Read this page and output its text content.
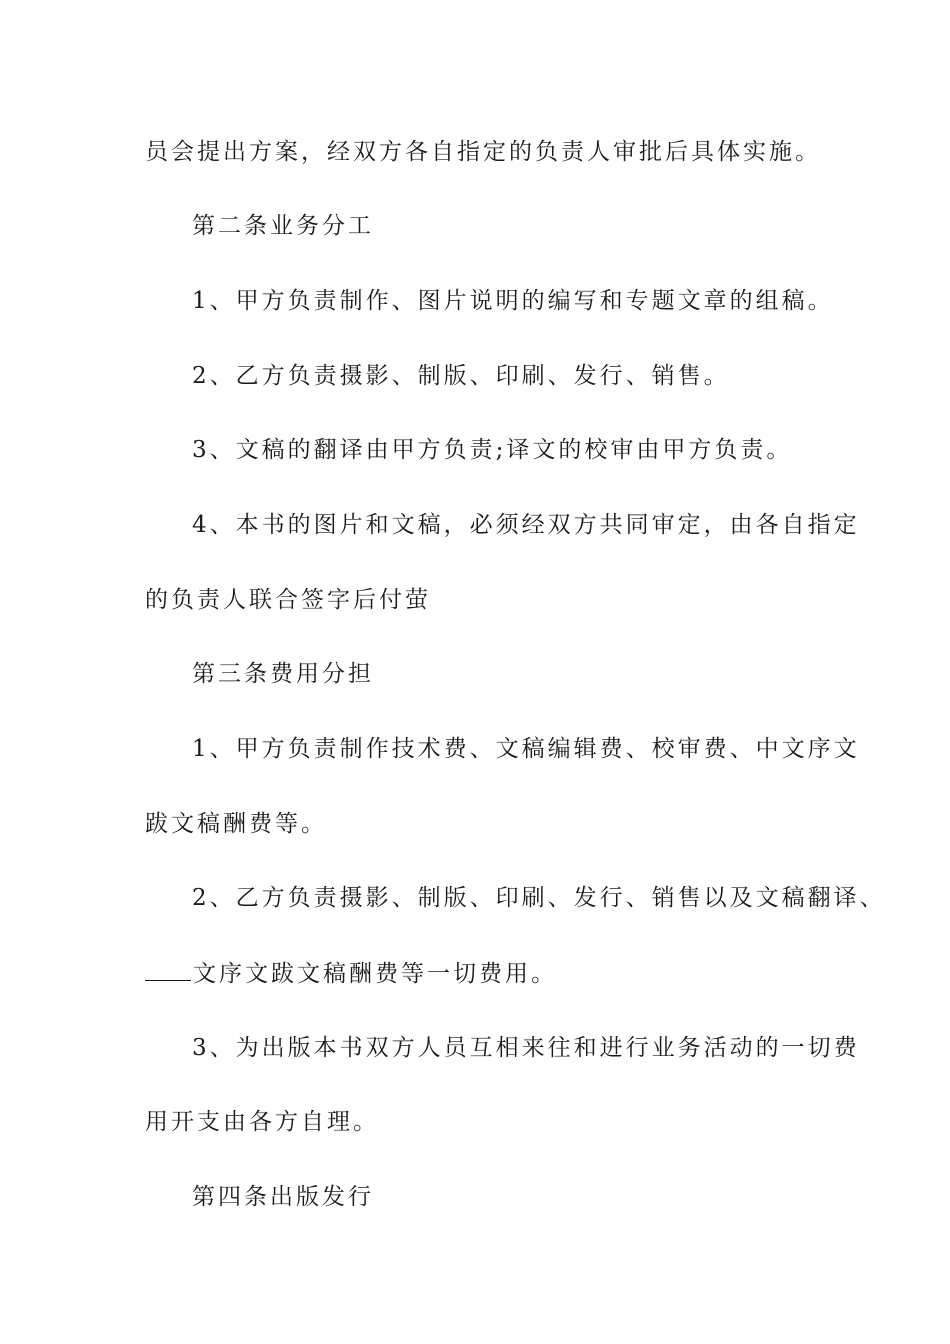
员会提出方案，经双方各自指定的负责人审批后具体实施。
第二条业务分工
1、甲方负责制作、图片说明的编写和专题文章的组稿。
2、乙方负责摄影、制版、印刷、发行、销售。
3、文稿的翻译由甲方负责;译文的校审由甲方负责。
4、本书的图片和文稿，必须经双方共同审定，由各自指定
的负责人联合签字后付萤
第三条费用分担
1、甲方负责制作技术费、文稿编辑费、校审费、中文序文
跋文稿酬费等。
2、乙方负责摄影、制版、印刷、发行、销售以及文稿翻译、
文序文跋文稿酬费等一切费用。
3、为出版本书双方人员互相来往和进行业务活动的一切费
用开支由各方自理。
第四条出版发行
